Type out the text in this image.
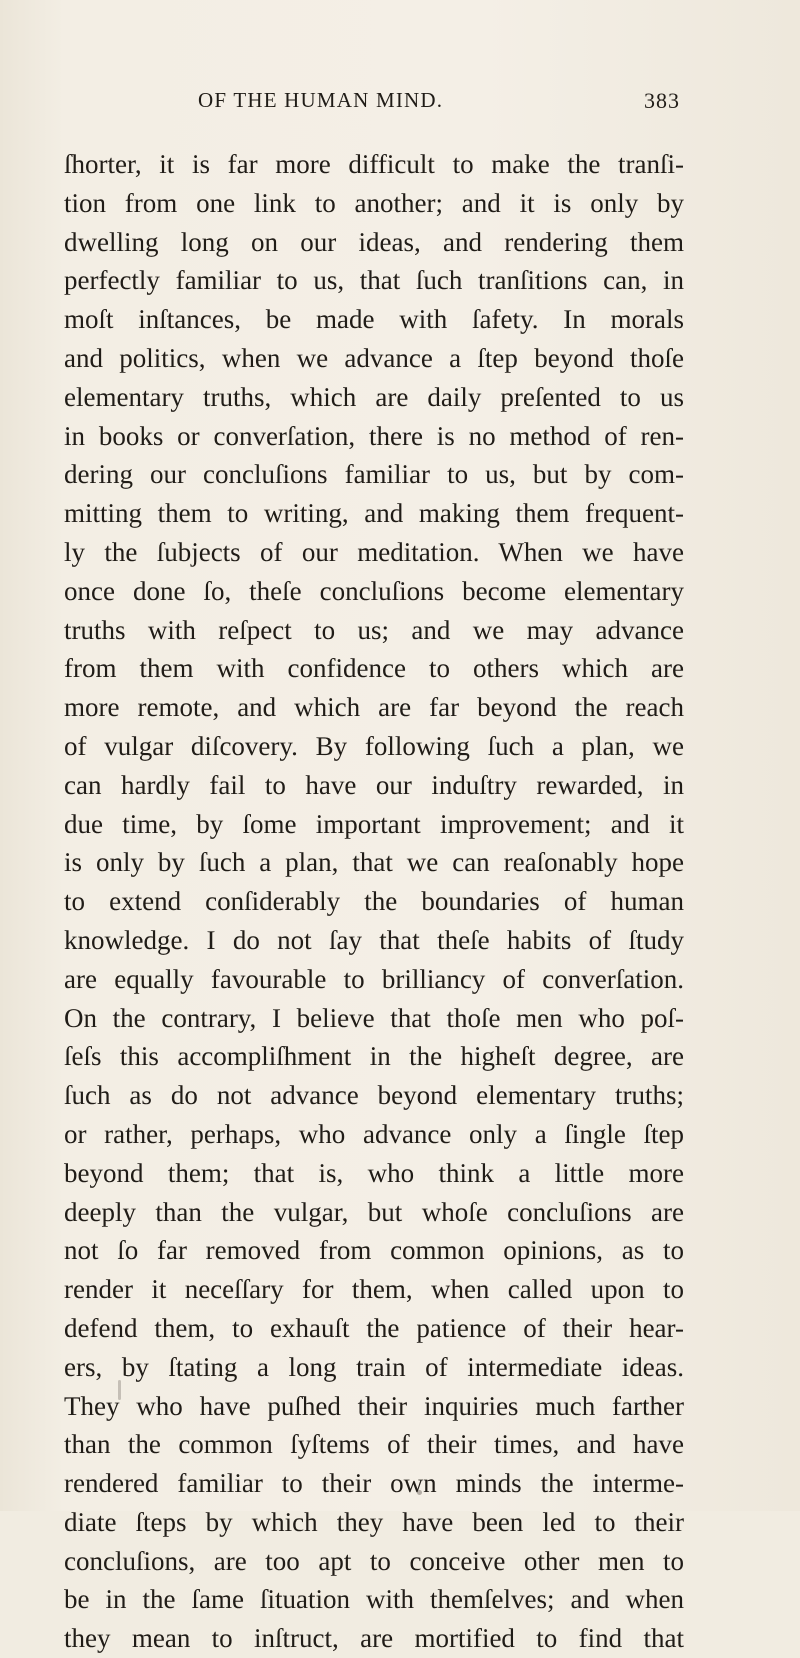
OF THE HUMAN MIND.	383
ſhorter, it is far more difficult to make the tranſi-
tion from one link to another; and it is only by
dwelling long on our ideas, and rendering them
perfectly familiar to us, that ſuch tranſitions can, in
moſt inſtances, be made with ſafety. In morals
and politics, when we advance a ſtep beyond thoſe
elementary truths, which are daily preſented to us
in books or converſation, there is no method of ren-
dering our concluſions familiar to us, but by com-
mitting them to writing, and making them frequent-
ly the ſubjects of our meditation. When we have
once done ſo, theſe concluſions become elementary
truths with reſpect to us; and we may advance
from them with confidence to others which are
more remote, and which are far beyond the reach
of vulgar diſcovery. By following ſuch a plan, we
can hardly fail to have our induſtry rewarded, in
due time, by ſome important improvement; and it
is only by ſuch a plan, that we can reaſonably hope
to extend conſiderably the boundaries of human
knowledge. I do not ſay that theſe habits of ſtudy
are equally favourable to brilliancy of converſation.
On the contrary, I believe that thoſe men who poſ-
ſeſs this accompliſhment in the higheſt degree, are
ſuch as do not advance beyond elementary truths;
or rather, perhaps, who advance only a ſingle ſtep
beyond them; that is, who think a little more
deeply than the vulgar, but whoſe concluſions are
not ſo far removed from common opinions, as to
render it neceſſary for them, when called upon to
defend them, to exhauſt the patience of their hear-
ers, by ſtating a long train of intermediate ideas.
They who have puſhed their inquiries much farther
than the common ſyſtems of their times, and have
rendered familiar to their own minds the interme-
diate ſteps by which they have been led to their
concluſions, are too apt to conceive other men to
be in the ſame ſituation with themſelves; and when
they mean to inſtruct, are mortified to find that
